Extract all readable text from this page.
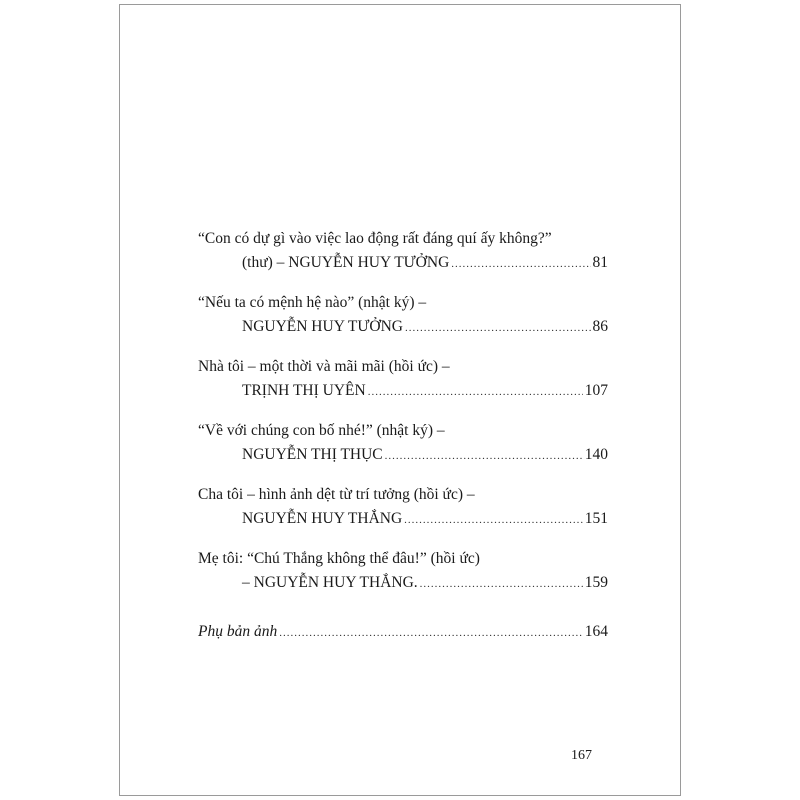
“Con có dự gì vào việc lao động rất đáng quí ấy không?”
(thư) – NGUYỄN HUY TƯỞNG .....	81
“Nếu ta có mệnh hệ nào” (nhật ký) –
NGUYỄN HUY TƯỞNG .....	86
Nhà tôi – một thời và mãi mãi (hồi ức) –
TRỊNH THỊ UYÊN .....	107
“Về với chúng con bố nhé!” (nhật ký) –
NGUYỄN THỊ THỤC .....	140
Cha tôi – hình ảnh dệt từ trí tưởng (hồi ức) –
NGUYỄN HUY THẮNG .....	151
Mẹ tôi: “Chú Thắng không thể đâu!” (hồi ức)
– NGUYỄN HUY THẮNG. .....	159
Phụ bản ảnh .....	164
167
